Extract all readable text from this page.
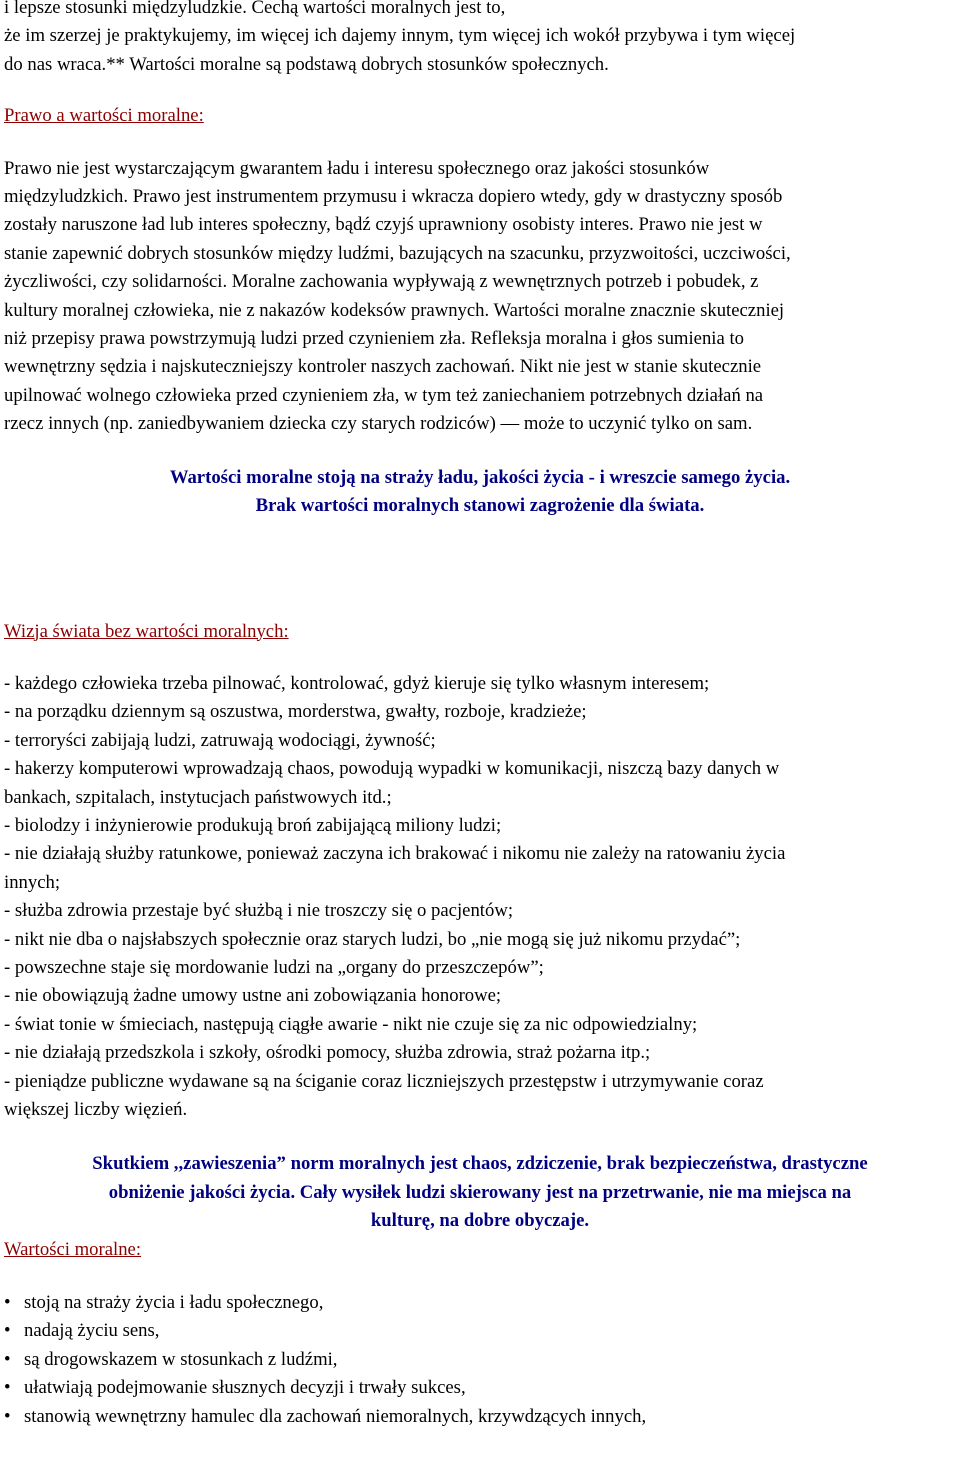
i lepsze stosunki międzyludzkie. Cechą wartości moralnych jest to,
że im szerzej je praktykujemy, im więcej ich dajemy innym, tym więcej ich wokół przybywa i tym więcej
do nas wraca.** Wartości moralne są podstawą dobrych stosunków społecznych.

Prawo a wartości moralne:

Prawo nie jest wystarczającym gwarantem ładu i interesu społecznego oraz jakości stosunków
międzyludzkich. Prawo jest instrumentem przymusu i wkracza dopiero wtedy, gdy w drastyczny sposób
zostały naruszone ład lub interes społeczny, bądź czyjś uprawniony osobisty interes. Prawo nie jest w
stanie zapewnić dobrych stosunków między ludźmi, bazujących na szacunku, przyzwoitości, uczciwości,
życzliwości, czy solidarności. Moralne zachowania wypływają z wewnętrznych potrzeb i pobudek, z
kultury moralnej człowieka, nie z nakazów kodeksów prawnych. Wartości moralne znacznie skuteczniej
niż przepisy prawa powstrzymują ludzi przed czynieniem zła. Refleksja moralna i głos sumienia to
wewnętrzny sędzia i najskuteczniejszy kontroler naszych zachowań. Nikt nie jest w stanie skutecznie
upilnować wolnego człowieka przed czynieniem zła, w tym też zaniechaniem potrzebnych działań na
rzecz innych (np. zaniedbywaniem dziecka czy starych rodziców) — może to uczynić tylko on sam.
Wartości moralne stoją na straży ładu, jakości życia - i wreszcie samego życia.
Brak wartości moralnych stanowi zagrożenie dla świata.

Wizja świata bez wartości moralnych:

- każdego człowieka trzeba pilnować, kontrolować, gdyż kieruje się tylko własnym interesem;
- na porządku dziennym są oszustwa, morderstwa, gwałty, rozboje, kradzieże;
- terroryści zabijają ludzi, zatruwają wodociągi, żywność;
- hakerzy komputerowi wprowadzają chaos, powodują wypadki w komunikacji, niszczą bazy danych w
bankach, szpitalach, instytucjach państwowych itd.;
- biolodzy i inżynierowie produkują broń zabijającą miliony ludzi;
- nie działają służby ratunkowe, ponieważ zaczyna ich brakować i nikomu nie zależy na ratowaniu życia
innych;
- służba zdrowia przestaje być służbą i nie troszczy się o pacjentów;
- nikt nie dba o najsłabszych społecznie oraz starych ludzi, bo „nie mogą się już nikomu przydać”;
- powszechne staje się mordowanie ludzi na „organy do przeszczepów”;
- nie obowiązują żadne umowy ustne ani zobowiązania honorowe;
- świat tonie w śmieciach, następują ciągłe awarie - nikt nie czuje się za nic odpowiedzialny;
- nie działają przedszkola i szkoły, ośrodki pomocy, służba zdrowia, straż pożarna itp.;
- pieniądze publiczne wydawane są na ściganie coraz liczniejszych przestępstw i utrzymywanie coraz
większej liczby więzień.
Skutkiem ,,zawieszenia” norm moralnych jest chaos, zdziczenie, brak bezpieczeństwa, drastyczne
obniżenie jakości życia. Cały wysiłek ludzi skierowany jest na przetrwanie, nie ma miejsca na
kulturę, na dobre obyczaje.

Wartości moralne:

• stoją na straży życia i ładu społecznego,
• nadają życiu sens,
• są drogowskazem w stosunkach z ludźmi,
• ułatwiają podejmowanie słusznych decyzji i trwały sukces,
• stanowią wewnętrzny hamulec dla zachowań niemoralnych, krzywdzących innych,
